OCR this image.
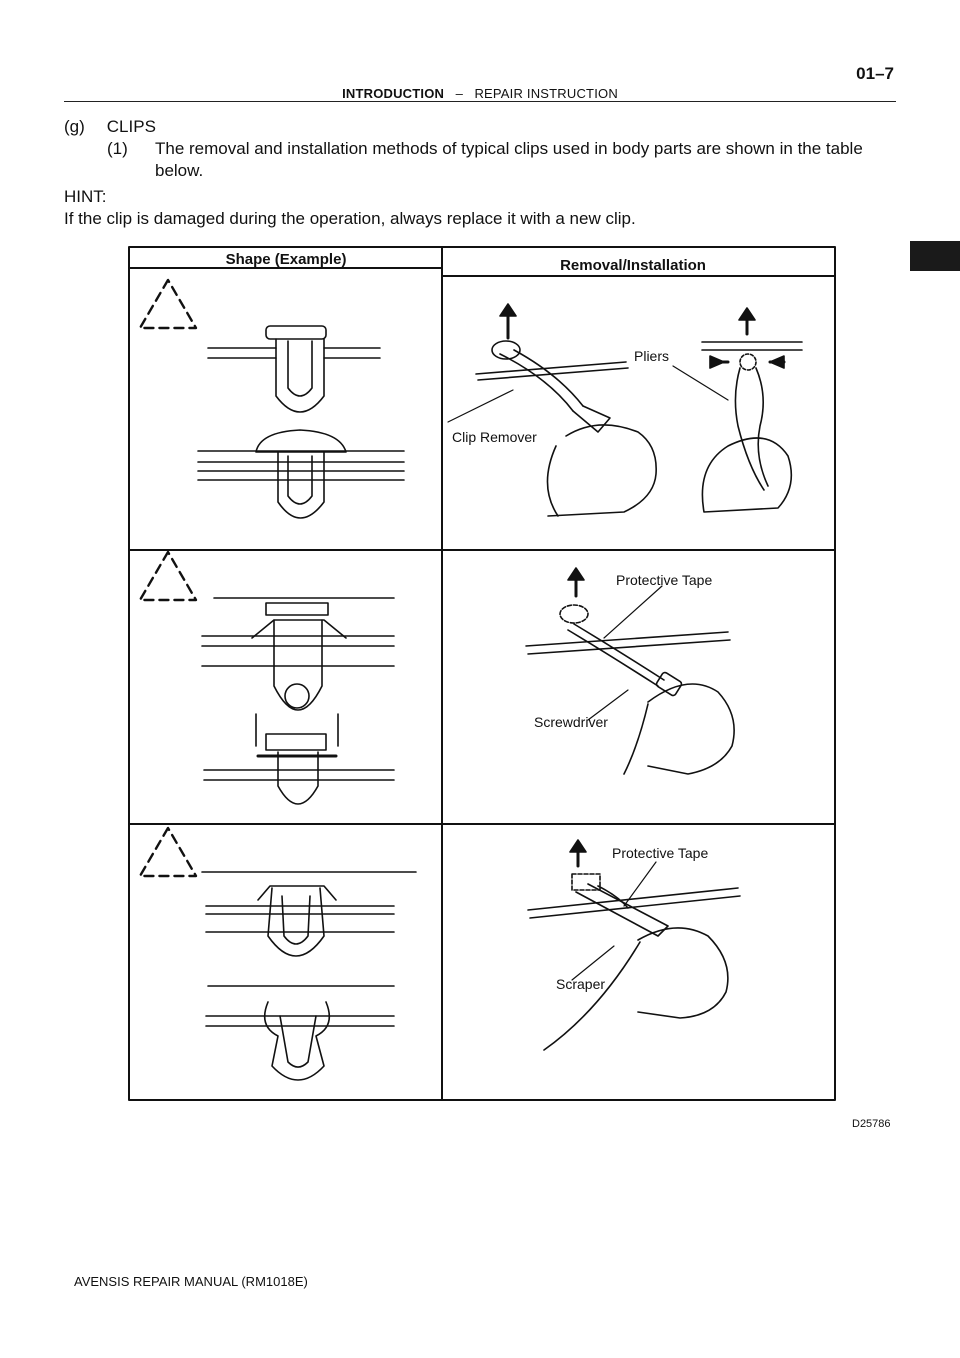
01–7
INTRODUCTION – REPAIR INSTRUCTION
(g) CLIPS
(1) The removal and installation methods of typical clips used in body parts are shown in the table
below.
HINT:
If the clip is damaged during the operation, always replace it with a new clip.
Shape (Example)	Removal/Installation
Clip Remover
Pliers
Protective Tape
Screwdriver
Protective Tape
Scraper
D25786
AVENSIS REPAIR MANUAL (RM1018E)
